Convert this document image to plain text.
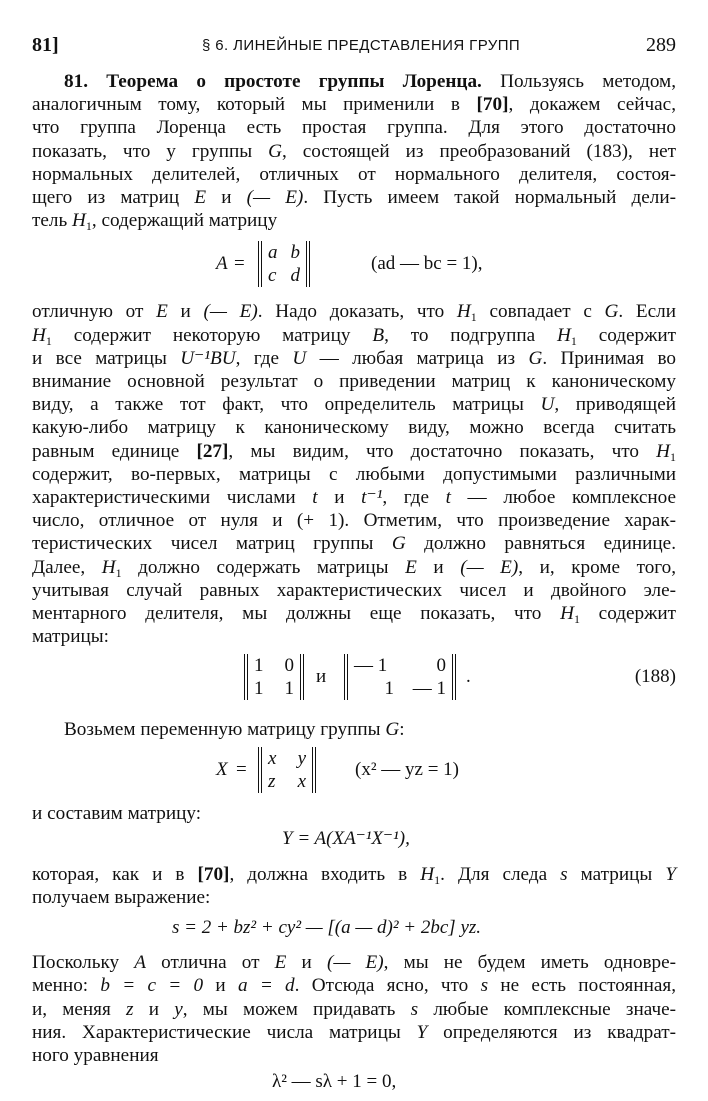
81]	§ 6. ЛИНЕЙНЫЕ ПРЕДСТАВЛЕНИЯ ГРУПП	289
81. Теорема о простоте группы Лоренца. Пользуясь методом,
аналогичным тому, который мы применили в [70], докажем сейчас,
что группа Лоренца есть простая группа. Для этого достаточно
показать, что у группы G, состоящей из преобразований (183), нет
нормальных делителей, отличных от нормального делителя, состоя-
щего из матриц E и (— E). Пусть имеем такой нормальный дели-
тель $H_1$, содержащий матрицу
A =
a b
c d
(ad — bc = 1),
отличную от E и (— E). Надо доказать, что $H_1$ совпадает с G. Если
$H_1$ содержит некоторую матрицу B, то подгруппа $H_1$ содержит
и все матрицы U⁻¹BU, где U — любая матрица из G. Принимая во
внимание основной результат о приведении матриц к каноническому
виду, а также тот факт, что определитель матрицы U, приводящей
какую-либо матрицу к каноническому виду, можно всегда считать
равным единице [27], мы видим, что достаточно показать, что $H_1$
содержит, во-первых, матрицы с любыми допустимыми различными
характеристическими числами t и t⁻¹, где t — любое комплексное
число, отличное от нуля и (+ 1). Отметим, что произведение харак-
теристических чисел матриц группы G должно равняться единице.
Далее, $H_1$ должно содержать матрицы E и (— E), и, кроме того,
учитывая случай равных характеристических чисел и двойного эле-
ментарного делителя, мы должны еще показать, что $H_1$ содержит
матрицы:
1 0
1 1
и
— 1	0
1 — 1
.	(188)
Возьмем переменную матрицу группы G:
X =
x y
z x
(x² — yz = 1)
и составим матрицу:
Y = A(XA⁻¹X⁻¹),
которая, как и в [70], должна входить в $H_1$. Для следа s матрицы Y
получаем выражение:
s = 2 + bz² + cy² — [(a — d)² + 2bc] yz.
Поскольку A отлична от E и (— E), мы не будем иметь одновре-
менно: b = c = 0 и a = d. Отсюда ясно, что s не есть постоянная,
и, меняя z и y, мы можем придавать s любые комплексные значе-
ния. Характеристические числа матрицы Y определяются из квадрат-
ного уравнения
λ² — sλ + 1 = 0,
